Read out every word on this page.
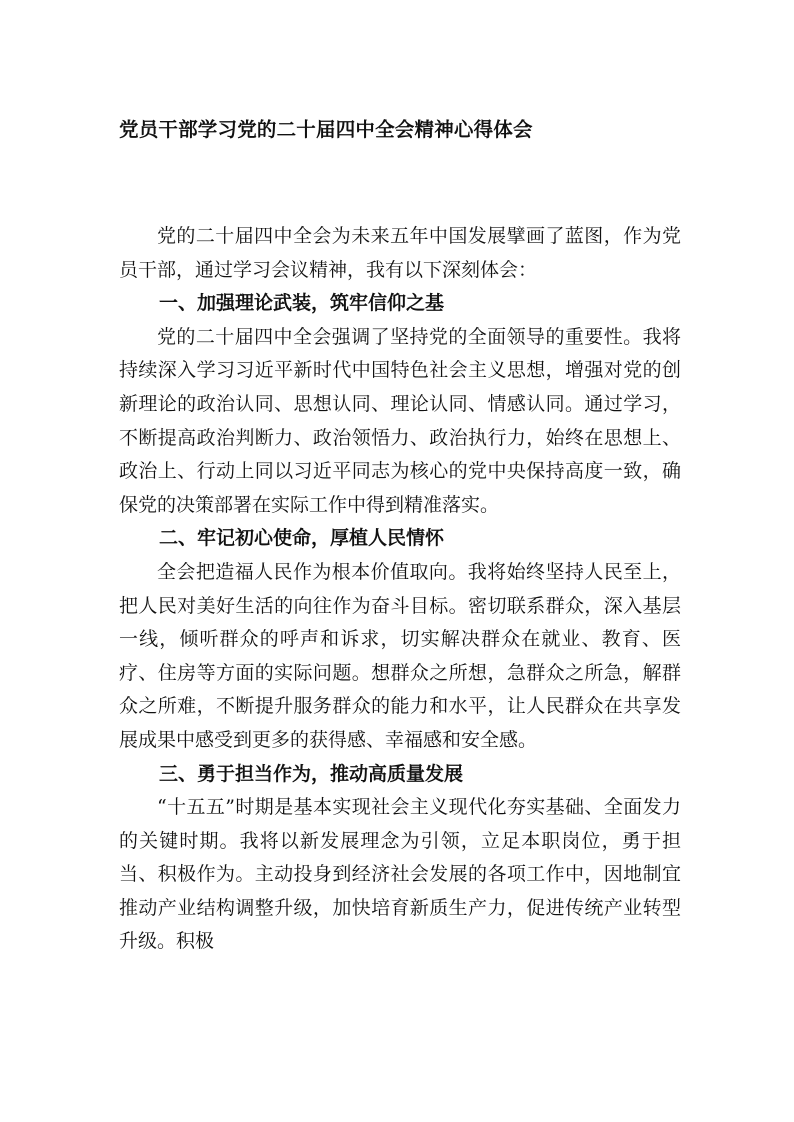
党员干部学习党的二十届四中全会精神心得体会

党的二十届四中全会为未来五年中国发展擘画了蓝图，作为党员干部，通过学习会议精神，我有以下深刻体会：

一、加强理论武装，筑牢信仰之基

党的二十届四中全会强调了坚持党的全面领导的重要性。我将持续深入学习习近平新时代中国特色社会主义思想，增强对党的创新理论的政治认同、思想认同、理论认同、情感认同。通过学习，不断提高政治判断力、政治领悟力、政治执行力，始终在思想上、政治上、行动上同以习近平同志为核心的党中央保持高度一致，确保党的决策部署在实际工作中得到精准落实。

二、牢记初心使命，厚植人民情怀

全会把造福人民作为根本价值取向。我将始终坚持人民至上，把人民对美好生活的向往作为奋斗目标。密切联系群众，深入基层一线，倾听群众的呼声和诉求，切实解决群众在就业、教育、医疗、住房等方面的实际问题。想群众之所想，急群众之所急，解群众之所难，不断提升服务群众的能力和水平，让人民群众在共享发展成果中感受到更多的获得感、幸福感和安全感。

三、勇于担当作为，推动高质量发展

“十五五”时期是基本实现社会主义现代化夯实基础、全面发力的关键时期。我将以新发展理念为引领，立足本职岗位，勇于担当、积极作为。主动投身到经济社会发展的各项工作中，因地制宜推动产业结构调整升级，加快培育新质生产力，促进传统产业转型升级。积极
